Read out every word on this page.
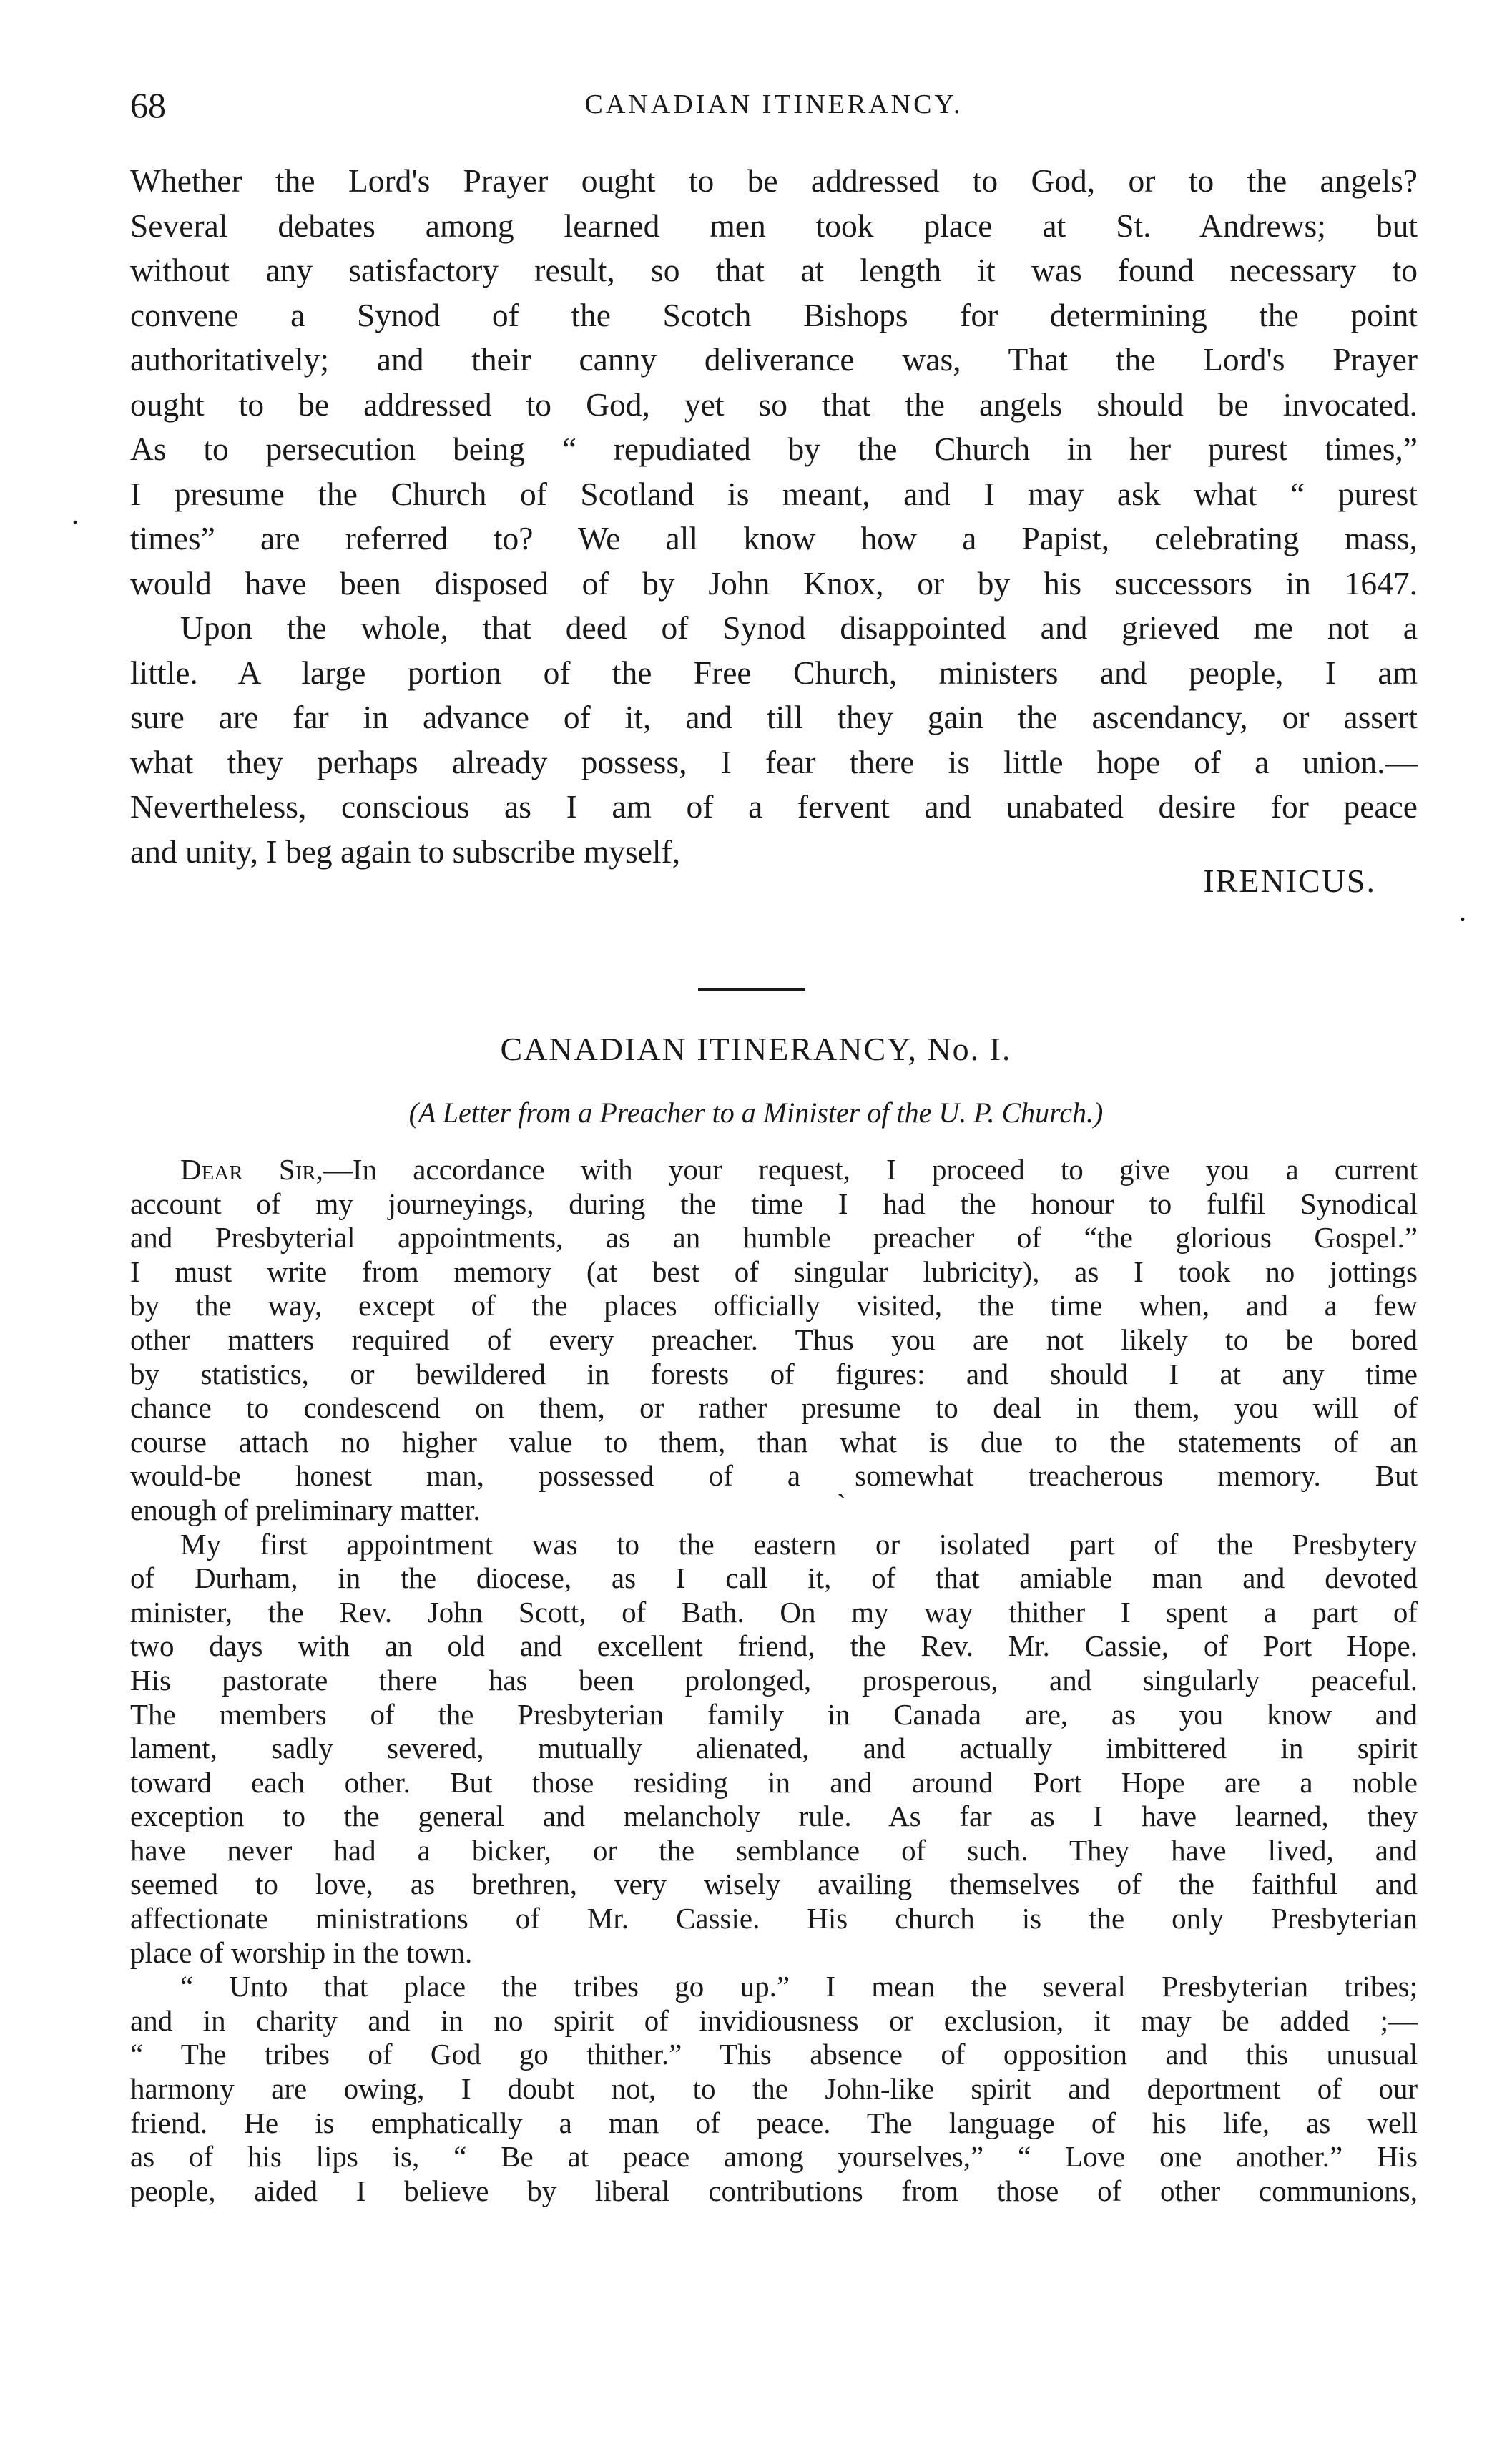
68	CANADIAN ITINERANCY.
Whether the Lord's Prayer ought to be addressed to God, or to the angels?
Several debates among learned men took place at St. Andrews; but
without any satisfactory result, so that at length it was found necessary to
convene a Synod of the Scotch Bishops for determining the point
authoritatively; and their canny deliverance was, That the Lord's Prayer
ought to be addressed to God, yet so that the angels should be invocated.
As to persecution being “ repudiated by the Church in her purest times,”
I presume the Church of Scotland is meant, and I may ask what “ purest
times” are referred to? We all know how a Papist, celebrating mass,
would have been disposed of by John Knox, or by his successors in 1647.
Upon the whole, that deed of Synod disappointed and grieved me not a
little. A large portion of the Free Church, ministers and people, I am
sure are far in advance of it, and till they gain the ascendancy, or assert
what they perhaps already possess, I fear there is little hope of a union.—
Nevertheless, conscious as I am of a fervent and unabated desire for peace
and unity, I beg again to subscribe myself,
IRENICUS.
CANADIAN ITINERANCY, No. I.
(A Letter from a Preacher to a Minister of the U. P. Church.)
Dear Sir,—In accordance with your request, I proceed to give you a current
account of my journeyings, during the time I had the honour to fulfil Synodical
and Presbyterial appointments, as an humble preacher of “the glorious Gospel.”
I must write from memory (at best of singular lubricity), as I took no jottings
by the way, except of the places officially visited, the time when, and a few
other matters required of every preacher. Thus you are not likely to be bored
by statistics, or bewildered in forests of figures: and should I at any time
chance to condescend on them, or rather presume to deal in them, you will of
course attach no higher value to them, than what is due to the statements of an
would-be honest man, possessed of a somewhat treacherous memory. But
enough of preliminary matter.
My first appointment was to the eastern or isolated part of the Presbytery
of Durham, in the diocese, as I call it, of that amiable man and devoted
minister, the Rev. John Scott, of Bath. On my way thither I spent a part of
two days with an old and excellent friend, the Rev. Mr. Cassie, of Port Hope.
His pastorate there has been prolonged, prosperous, and singularly peaceful.
The members of the Presbyterian family in Canada are, as you know and
lament, sadly severed, mutually alienated, and actually imbittered in spirit
toward each other. But those residing in and around Port Hope are a noble
exception to the general and melancholy rule. As far as I have learned, they
have never had a bicker, or the semblance of such. They have lived, and
seemed to love, as brethren, very wisely availing themselves of the faithful and
affectionate ministrations of Mr. Cassie. His church is the only Presbyterian
place of worship in the town.
“ Unto that place the tribes go up.” I mean the several Presbyterian tribes;
and in charity and in no spirit of invidiousness or exclusion, it may be added ;—
“ The tribes of God go thither.” This absence of opposition and this unusual
harmony are owing, I doubt not, to the John-like spirit and deportment of our
friend. He is emphatically a man of peace. The language of his life, as well
as of his lips is, “ Be at peace among yourselves,” “ Love one another.” His
people, aided I believe by liberal contributions from those of other communions,
.
.
`
